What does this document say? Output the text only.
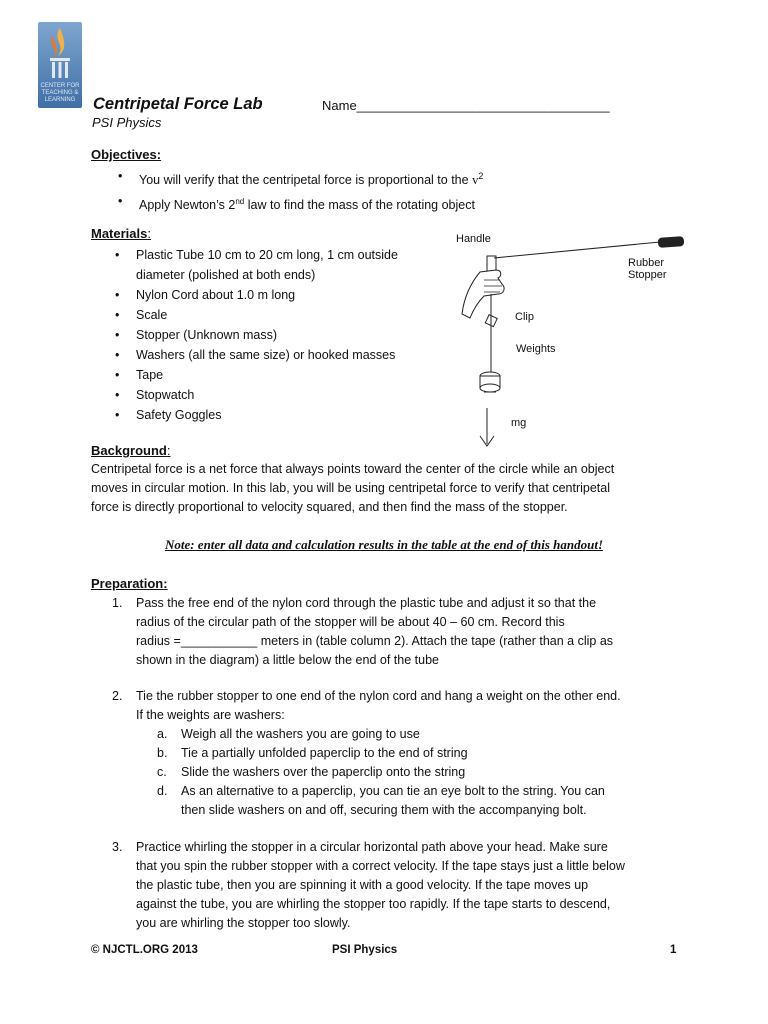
CENTER FOR TEACHING & LEARNING	Centripetal Force Lab	Name___________________________________
PSI Physics
Objectives:
• You will verify that the centripetal force is proportional to the $v^2$
• Apply Newton’s 2nd law to find the mass of the rotating object
Materials:
• Plastic Tube 10 cm to 20 cm long, 1 cm outside
diameter (polished at both ends)
• Nylon Cord about 1.0 m long
• Scale
• Stopper (Unknown mass)
• Washers (all the same size) or hooked masses
• Tape
• Stopwatch
• Safety Goggles
Handle
Rubber
Stopper
Clip
Weights
mg
Background:
Centripetal force is a net force that always points toward the center of the circle while an object
moves in circular motion. In this lab, you will be using centripetal force to verify that centripetal
force is directly proportional to velocity squared, and then find the mass of the stopper.
Note: enter all data and calculation results in the table at the end of this handout!
Preparation:
1. Pass the free end of the nylon cord through the plastic tube and adjust it so that the
radius of the circular path of the stopper will be about 40 – 60 cm. Record this
radius =___________ meters in (table column 2). Attach the tape (rather than a clip as
shown in the diagram) a little below the end of the tube
2. Tie the rubber stopper to one end of the nylon cord and hang a weight on the other end.
If the weights are washers:
a. Weigh all the washers you are going to use
b. Tie a partially unfolded paperclip to the end of string
c. Slide the washers over the paperclip onto the string
d. As an alternative to a paperclip, you can tie an eye bolt to the string. You can
then slide washers on and off, securing them with the accompanying bolt.
3. Practice whirling the stopper in a circular horizontal path above your head. Make sure
that you spin the rubber stopper with a correct velocity. If the tape stays just a little below
the plastic tube, then you are spinning it with a good velocity. If the tape moves up
against the tube, you are whirling the stopper too rapidly. If the tape starts to descend,
you are whirling the stopper too slowly.
© NJCTL.ORG 2013	PSI Physics	1
